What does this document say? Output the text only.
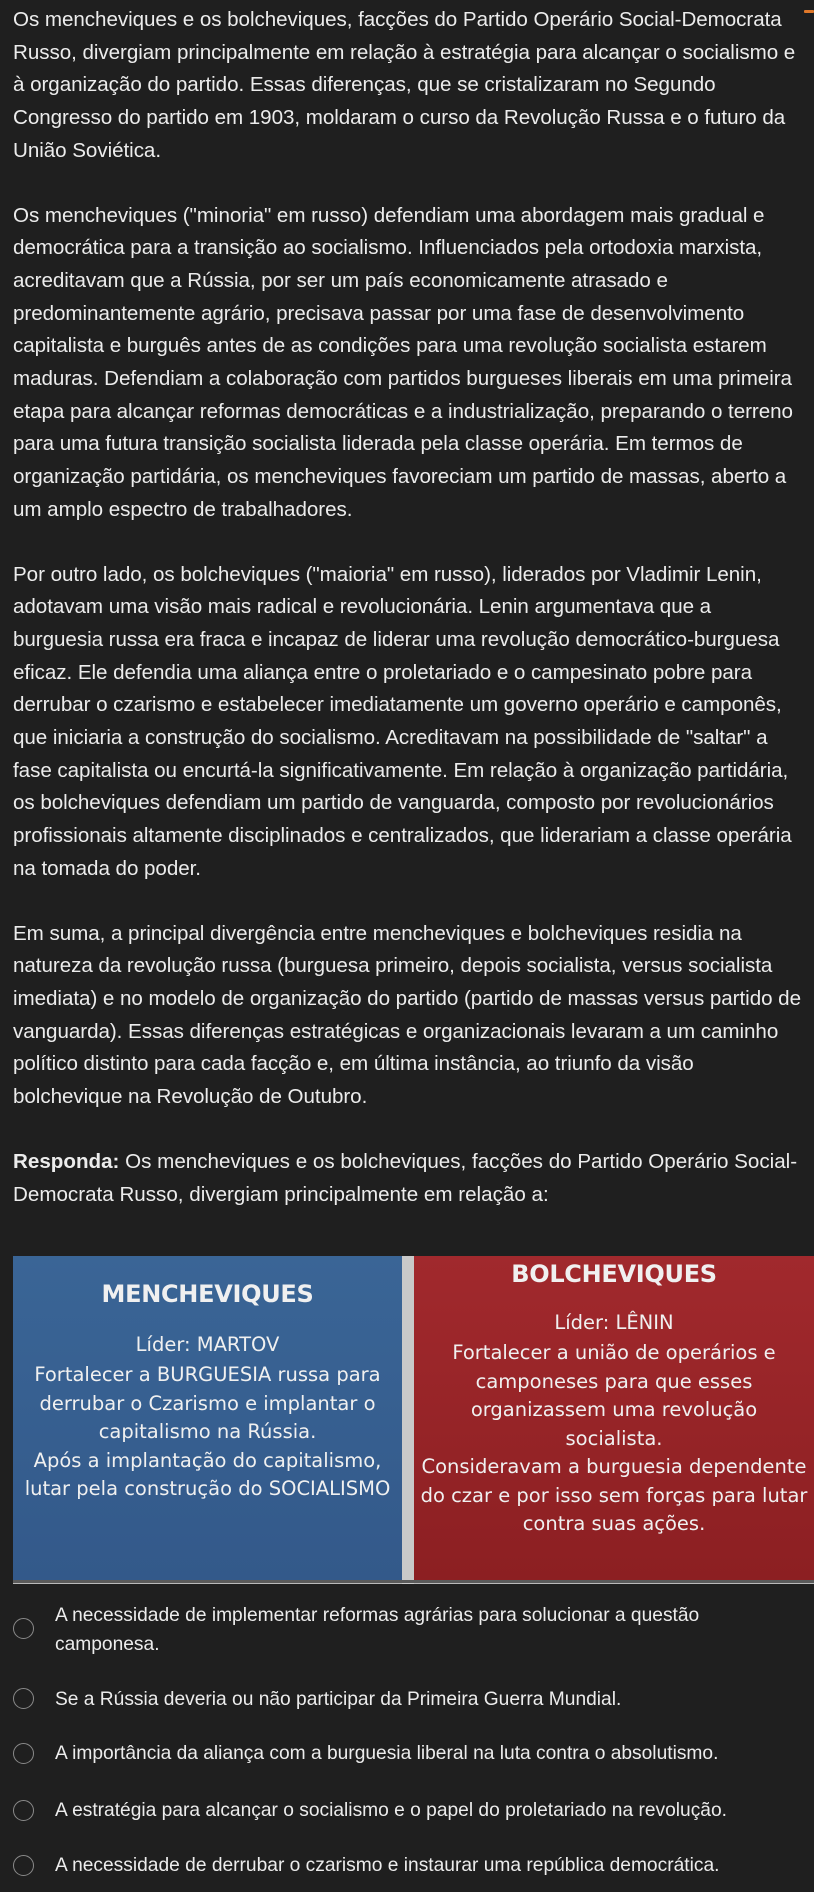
Os mencheviques e os bolcheviques, facções do Partido Operário Social-Democrata Russo, divergiam principalmente em relação à estratégia para alcançar o socialismo e à organização do partido. Essas diferenças, que se cristalizaram no Segundo Congresso do partido em 1903, moldaram o curso da Revolução Russa e o futuro da União Soviética.

Os mencheviques ("minoria" em russo) defendiam uma abordagem mais gradual e democrática para a transição ao socialismo. Influenciados pela ortodoxia marxista, acreditavam que a Rússia, por ser um país economicamente atrasado e predominantemente agrário, precisava passar por uma fase de desenvolvimento capitalista e burguês antes de as condições para uma revolução socialista estarem maduras. Defendiam a colaboração com partidos burgueses liberais em uma primeira etapa para alcançar reformas democráticas e a industrialização, preparando o terreno para uma futura transição socialista liderada pela classe operária. Em termos de organização partidária, os mencheviques favoreciam um partido de massas, aberto a um amplo espectro de trabalhadores.

Por outro lado, os bolcheviques ("maioria" em russo), liderados por Vladimir Lenin, adotavam uma visão mais radical e revolucionária. Lenin argumentava que a burguesia russa era fraca e incapaz de liderar uma revolução democrático-burguesa eficaz. Ele defendia uma aliança entre o proletariado e o campesinato pobre para derrubar o czarismo e estabelecer imediatamente um governo operário e camponês, que iniciaria a construção do socialismo. Acreditavam na possibilidade de "saltar" a fase capitalista ou encurtá-la significativamente. Em relação à organização partidária, os bolcheviques defendiam um partido de vanguarda, composto por revolucionários profissionais altamente disciplinados e centralizados, que liderariam a classe operária na tomada do poder.

Em suma, a principal divergência entre mencheviques e bolcheviques residia na natureza da revolução russa (burguesa primeiro, depois socialista, versus socialista imediata) e no modelo de organização do partido (partido de massas versus partido de vanguarda). Essas diferenças estratégicas e organizacionais levaram a um caminho político distinto para cada facção e, em última instância, ao triunfo da visão bolchevique na Revolução de Outubro.

Responda: Os mencheviques e os bolcheviques, facções do Partido Operário Social-Democrata Russo, divergiam principalmente em relação a:

MENCHEVIQUES
Líder: MARTOV
Fortalecer a BURGUESIA russa para
derrubar o Czarismo e implantar o
capitalismo na Rússia.
Após a implantação do capitalismo,
lutar pela construção do SOCIALISMO
BOLCHEVIQUES
Líder: LÊNIN
Fortalecer a união de operários e
camponeses para que esses
organizassem uma revolução
socialista.
Consideravam a burguesia dependente
do czar e por isso sem forças para lutar
contra suas ações.
A necessidade de implementar reformas agrárias para solucionar a questão camponesa.
Se a Rússia deveria ou não participar da Primeira Guerra Mundial.
A importância da aliança com a burguesia liberal na luta contra o absolutismo.
A estratégia para alcançar o socialismo e o papel do proletariado na revolução.
A necessidade de derrubar o czarismo e instaurar uma república democrática.
